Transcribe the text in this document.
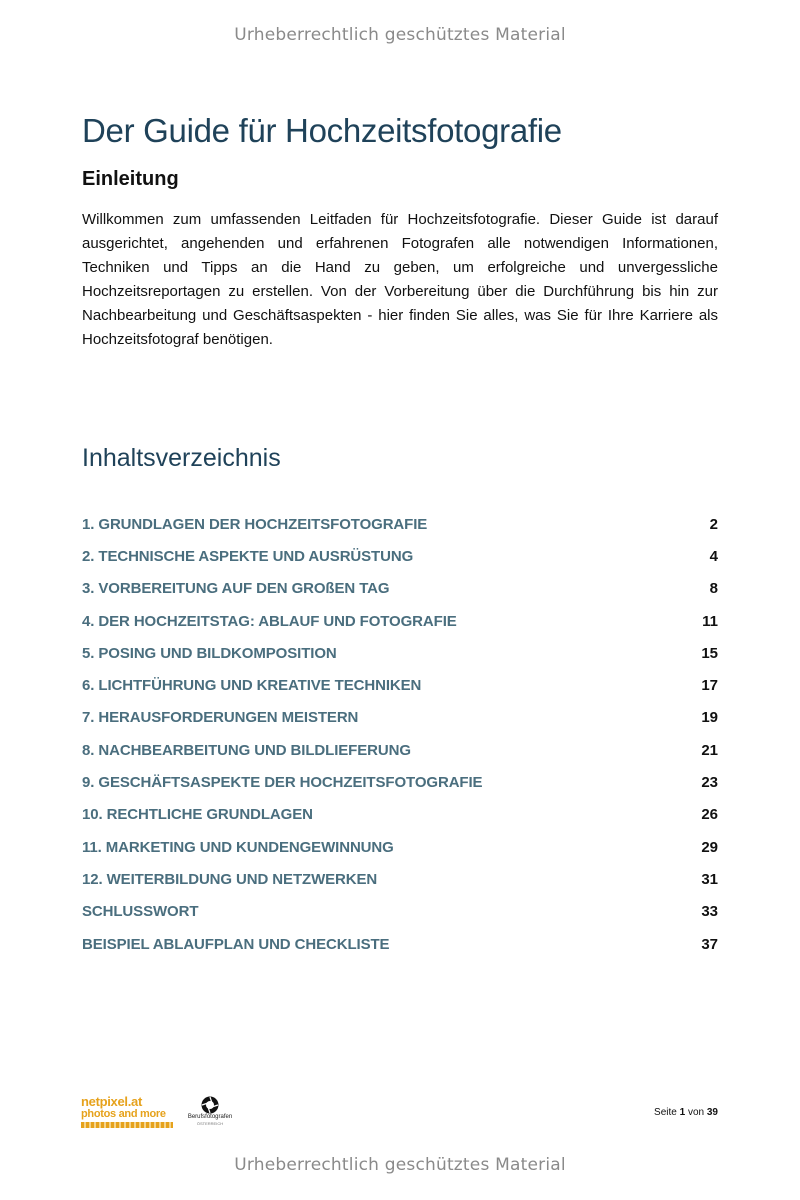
Urheberrechtlich geschütztes Material
Der Guide für Hochzeitsfotografie
Einleitung

Willkommen zum umfassenden Leitfaden für Hochzeitsfotografie. Dieser Guide ist darauf ausgerichtet, angehenden und erfahrenen Fotografen alle notwendigen Informationen, Techniken und Tipps an die Hand zu geben, um erfolgreiche und unvergessliche Hochzeitsreportagen zu erstellen. Von der Vorbereitung über die Durchführung bis hin zur Nachbearbeitung und Geschäftsaspekten - hier finden Sie alles, was Sie für Ihre Karriere als Hochzeitsfotograf benötigen.

Inhaltsverzeichnis
1. GRUNDLAGEN DER HOCHZEITSFOTOGRAFIE	2
2. TECHNISCHE ASPEKTE UND AUSRÜSTUNG	4
3. VORBEREITUNG AUF DEN GROßEN TAG	8
4. DER HOCHZEITSTAG: ABLAUF UND FOTOGRAFIE	11
5. POSING UND BILDKOMPOSITION	15
6. LICHTFÜHRUNG UND KREATIVE TECHNIKEN	17
7. HERAUSFORDERUNGEN MEISTERN	19
8. NACHBEARBEITUNG UND BILDLIEFERUNG	21
9. GESCHÄFTSASPEKTE DER HOCHZEITSFOTOGRAFIE	23
10. RECHTLICHE GRUNDLAGEN	26
11. MARKETING UND KUNDENGEWINNUNG	29
12. WEITERBILDUNG UND NETZWERKEN	31
SCHLUSSWORT	33
BEISPIEL ABLAUFPLAN UND CHECKLISTE	37
netpixel.at
photos and more	Berufsfotografen
ÖSTERREICH
Seite 1 von 39
Urheberrechtlich geschütztes Material
